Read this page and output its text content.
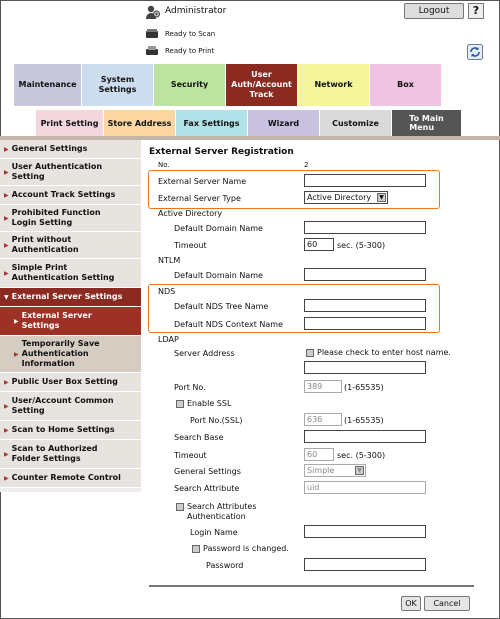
Administrator	Logout	?
Ready to Scan
Ready to Print
Maintenance
System
Settings
Security
User
Auth/Account
Track
Network	Box
Print Setting	Store Address	Fax Settings	Wizard	Customize	To Main
Menu
▶ General Settings
▶
User Authentication
Setting
▶ Account Track Settings
▶
Prohibited Function
Login Setting
▶
Print without
Authentication
▶
Simple Print
Authentication Setting
▼ External Server Settings
▶
External Server
Settings
▶
Temporarily Save
Authentication
Information
▶ Public User Box Setting
▶
User/Account Common
Setting
▶ Scan to Home Settings
▶
Scan to Authorized
Folder Settings
▶ Counter Remote Control
External Server Registration
No.	2
External Server Name
External Server Type	Active Directory	▼
Active Directory
Default Domain Name
Timeout	60	sec. (5-300)
NTLM
Default Domain Name
NDS
Default NDS Tree Name
Default NDS Context Name
LDAP
Server Address	Please check to enter host name.
Port No.	389	(1-65535)
Enable SSL
Port No.(SSL)	636	(1-65535)
Search Base
Timeout	60	sec. (5-300)
General Settings	Simple	▼
Search Attribute	uid
Search Attributes
Authentication
Login Name
Password is changed.
Password
OK	Cancel
